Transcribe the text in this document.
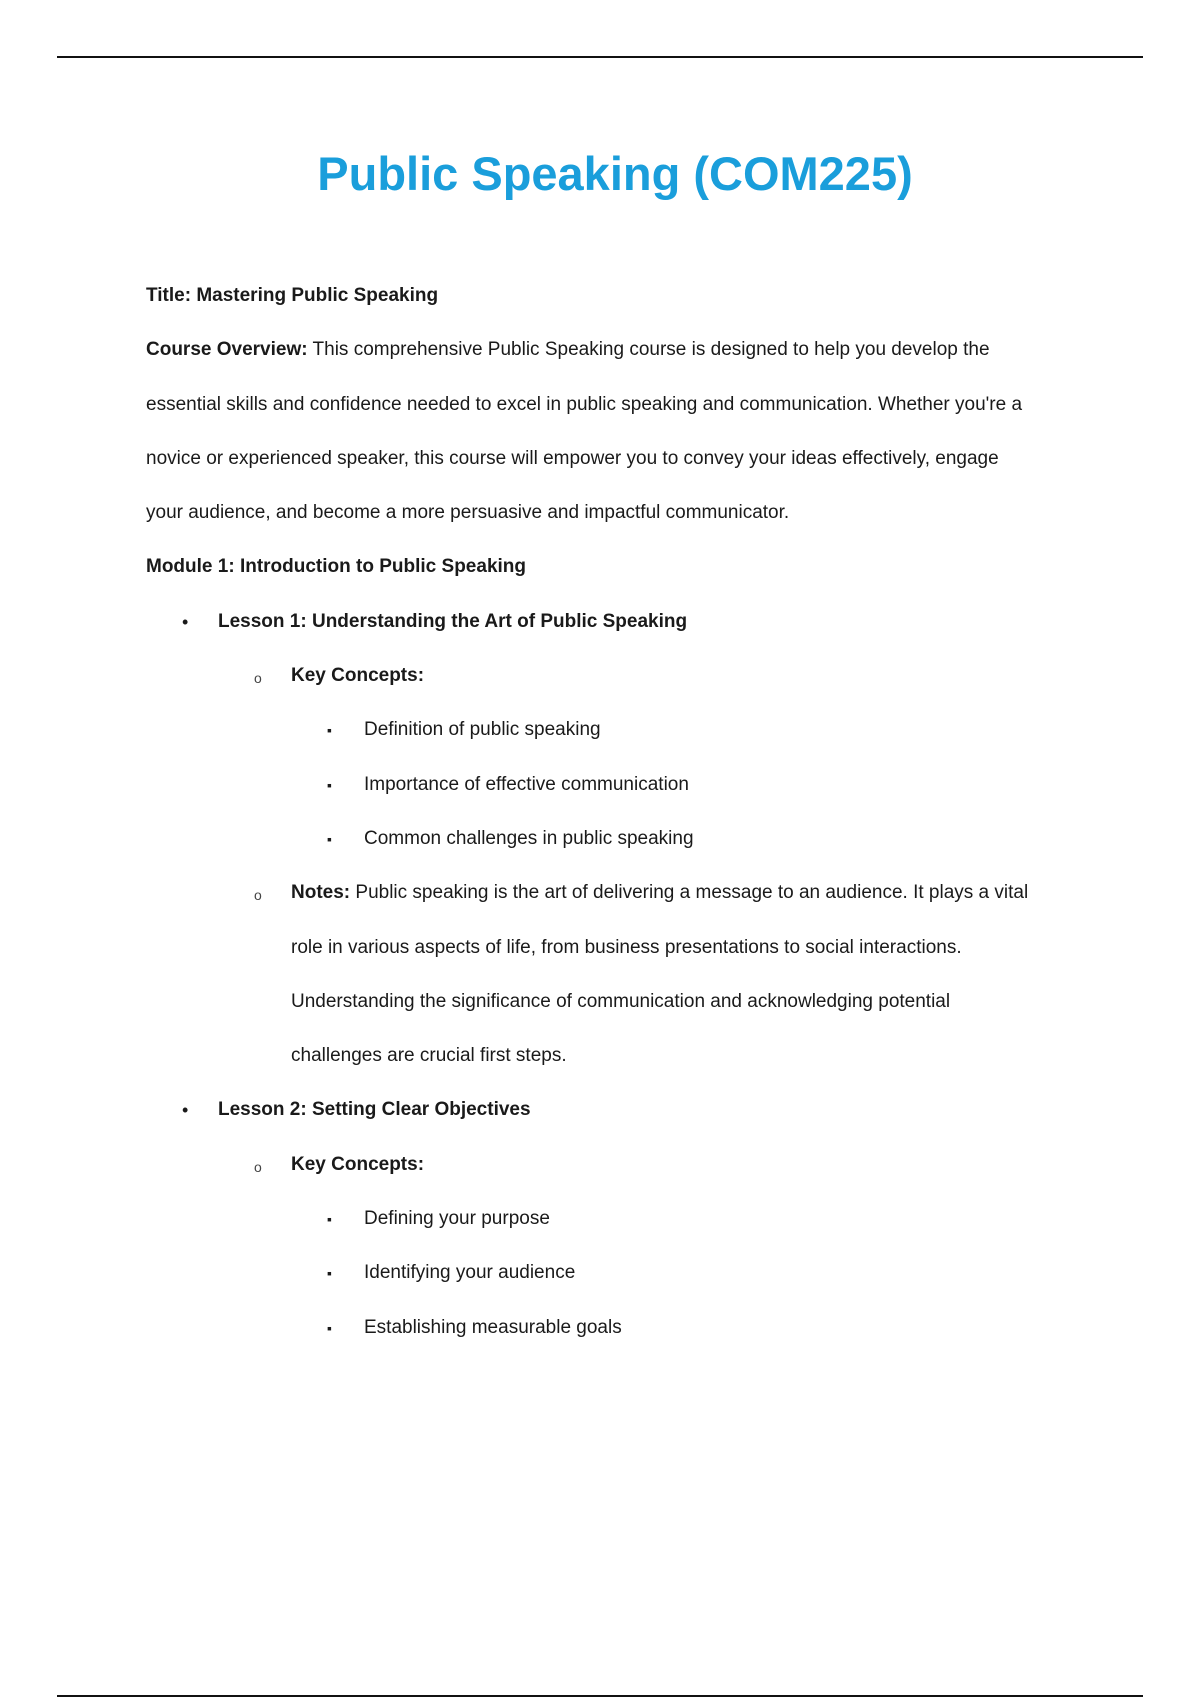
Public Speaking (COM225)
Title: Mastering Public Speaking
Course Overview: This comprehensive Public Speaking course is designed to help you develop the
essential skills and confidence needed to excel in public speaking and communication. Whether you're a
novice or experienced speaker, this course will empower you to convey your ideas effectively, engage
your audience, and become a more persuasive and impactful communicator.
Module 1: Introduction to Public Speaking
• Lesson 1: Understanding the Art of Public Speaking
o Key Concepts:
▪ Definition of public speaking
▪ Importance of effective communication
▪ Common challenges in public speaking
o Notes: Public speaking is the art of delivering a message to an audience. It plays a vital
role in various aspects of life, from business presentations to social interactions.
Understanding the significance of communication and acknowledging potential
challenges are crucial first steps.
• Lesson 2: Setting Clear Objectives
o Key Concepts:
▪ Defining your purpose
▪ Identifying your audience
▪ Establishing measurable goals
